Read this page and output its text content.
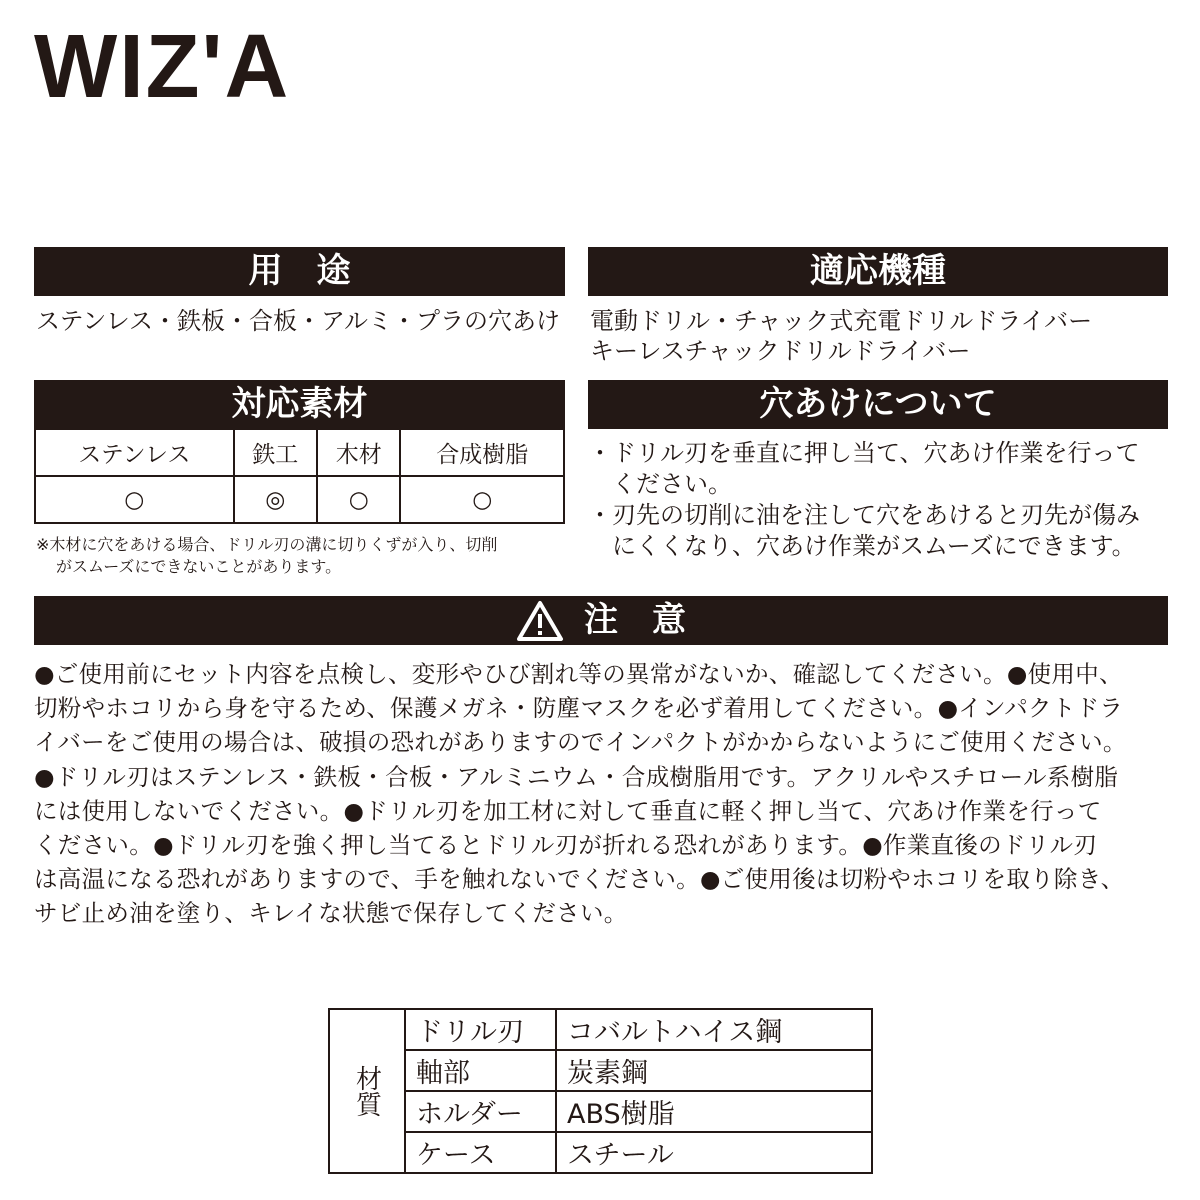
WIZ'A
用　途
ステンレス・鉄板・合板・アルミ・プラの穴あけ
適応機種
電動ドリル・チャック式充電ドリルドライバー
キーレスチャックドリルドライバー
対応素材
ステンレス	鉄工	木材	合成樹脂
○	◎	○	○
※木材に穴をあける場合、ドリル刃の溝に切りくずが入り、切削
がスムーズにできないことがあります。
穴あけについて
・ドリル刃を垂直に押し当て、穴あけ作業を行って
ください。
・刃先の切削に油を注して穴をあけると刃先が傷み
にくくなり、穴あけ作業がスムーズにできます。
注　意
●ご使用前にセット内容を点検し、変形やひび割れ等の異常がないか、確認してください。●使用中、
切粉やホコリから身を守るため、保護メガネ・防塵マスクを必ず着用してください。●インパクトドラ
イバーをご使用の場合は、破損の恐れがありますのでインパクトがかからないようにご使用ください。
●ドリル刃はステンレス・鉄板・合板・アルミニウム・合成樹脂用です。アクリルやスチロール系樹脂
には使用しないでください。●ドリル刃を加工材に対して垂直に軽く押し当て、穴あけ作業を行って
ください。●ドリル刃を強く押し当てるとドリル刃が折れる恐れがあります。●作業直後のドリル刃
は高温になる恐れがありますので、手を触れないでください。●ご使用後は切粉やホコリを取り除き、
サビ止め油を塗り、キレイな状態で保存してください。
材質	ドリル刃	コバルトハイス鋼
	軸部	炭素鋼
	ホルダー	ABS樹脂
	ケース	スチール
